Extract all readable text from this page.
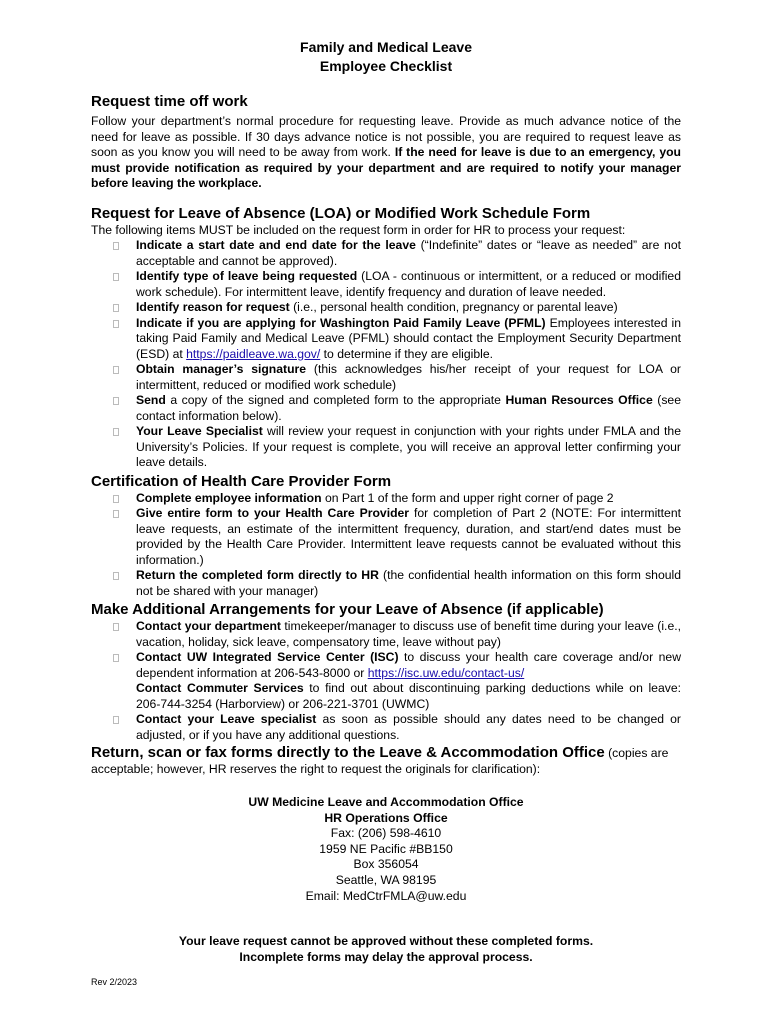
Family and Medical Leave
Employee Checklist
Request time off work

Follow your department’s normal procedure for requesting leave. Provide as much advance notice of the need for leave as possible. If 30 days advance notice is not possible, you are required to request leave as soon as you know you will need to be away from work. If the need for leave is due to an emergency, you must provide notification as required by your department and are required to notify your manager before leaving the workplace.

Request for Leave of Absence (LOA) or Modified Work Schedule Form

The following items MUST be included on the request form in order for HR to process your request:

Indicate a start date and end date for the leave (“Indefinite” dates or “leave as needed” are not acceptable and cannot be approved).
Identify type of leave being requested (LOA - continuous or intermittent, or a reduced or modified work schedule). For intermittent leave, identify frequency and duration of leave needed.
Identify reason for request (i.e., personal health condition, pregnancy or parental leave)
Indicate if you are applying for Washington Paid Family Leave (PFML) Employees interested in taking Paid Family and Medical Leave (PFML) should contact the Employment Security Department (ESD) at https://paidleave.wa.gov/ to determine if they are eligible.
Obtain manager’s signature (this acknowledges his/her receipt of your request for LOA or intermittent, reduced or modified work schedule)
Send a copy of the signed and completed form to the appropriate Human Resources Office (see contact information below).
Your Leave Specialist will review your request in conjunction with your rights under FMLA and the University’s Policies. If your request is complete, you will receive an approval letter confirming your leave details.
Certification of Health Care Provider Form
Complete employee information on Part 1 of the form and upper right corner of page 2
Give entire form to your Health Care Provider for completion of Part 2 (NOTE: For intermittent leave requests, an estimate of the intermittent frequency, duration, and start/end dates must be provided by the Health Care Provider. Intermittent leave requests cannot be evaluated without this information.)
Return the completed form directly to HR (the confidential health information on this form should not be shared with your manager)
Make Additional Arrangements for your Leave of Absence (if applicable)
Contact your department timekeeper/manager to discuss use of benefit time during your leave (i.e., vacation, holiday, sick leave, compensatory time, leave without pay)
Contact UW Integrated Service Center (ISC) to discuss your health care coverage and/or new dependent information at 206-543-8000 or https://isc.uw.edu/contact-us/
Contact Commuter Services to find out about discontinuing parking deductions while on leave: 206-744-3254 (Harborview) or 206-221-3701 (UWMC)
Contact your Leave specialist as soon as possible should any dates need to be changed or adjusted, or if you have any additional questions.

Return, scan or fax forms directly to the Leave & Accommodation Office (copies are acceptable; however, HR reserves the right to request the originals for clarification):

UW Medicine Leave and Accommodation Office
HR Operations Office
Fax: (206) 598-4610
1959 NE Pacific #BB150
Box 356054
Seattle, WA 98195
Email: MedCtrFMLA@uw.edu
Your leave request cannot be approved without these completed forms.
Incomplete forms may delay the approval process.
Rev 2/2023
